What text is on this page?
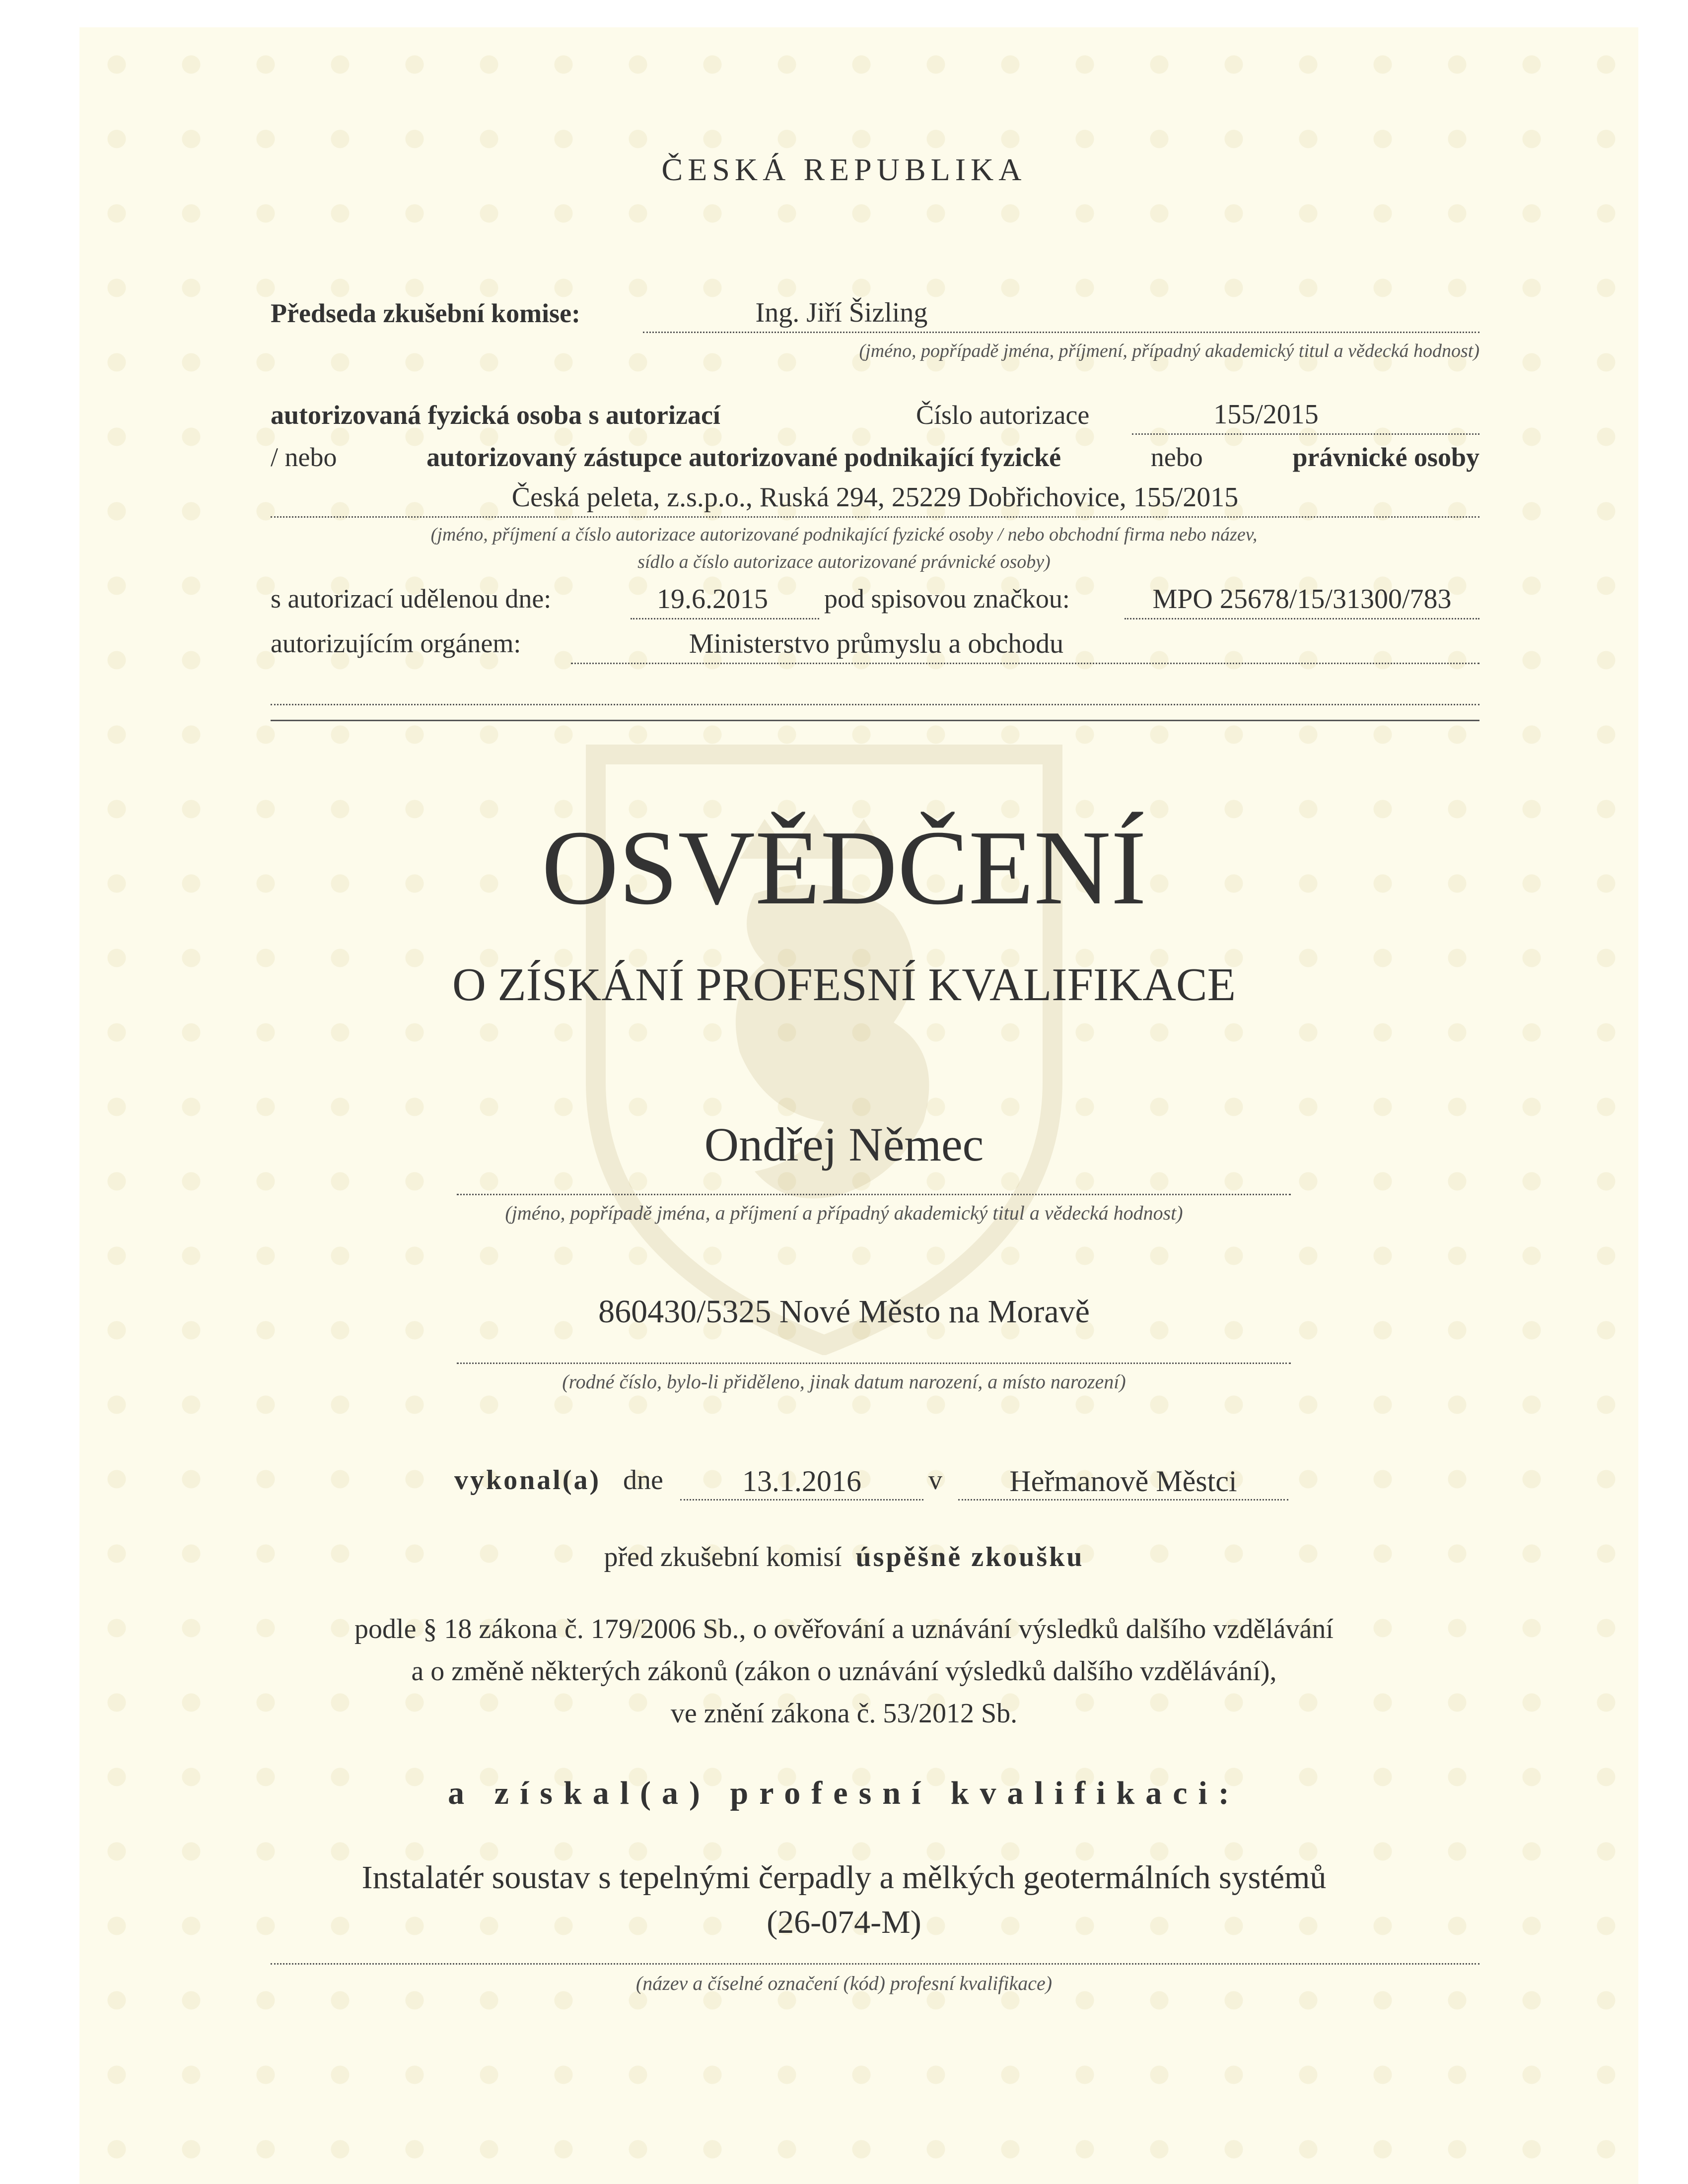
ČESKÁ REPUBLIKA
Předseda zkušební komise:	Ing. Jiří Šizling
(jméno, popřípadě jména, příjmení, případný akademický titul a vědecká hodnost)
autorizovaná fyzická osoba s autorizací	Číslo autorizace	155/2015
/ nebo	autorizovaný zástupce autorizované podnikající fyzické	nebo	právnické osoby
Česká peleta, z.s.p.o., Ruská 294, 25229 Dobřichovice, 155/2015
(jméno, příjmení a číslo autorizace autorizované podnikající fyzické osoby / nebo obchodní firma nebo název,
sídlo a číslo autorizace autorizované právnické osoby)
s autorizací udělenou dne:	19.6.2015	pod spisovou značkou:	MPO 25678/15/31300/783
autorizujícím orgánem:	Ministerstvo průmyslu a obchodu
OSVĚDČENÍ
O ZÍSKÁNÍ PROFESNÍ KVALIFIKACE
Ondřej Němec
(jméno, popřípadě jména, a příjmení a případný akademický titul a vědecká hodnost)
860430/5325 Nové Město na Moravě
(rodné číslo, bylo-li přiděleno, jinak datum narození, a místo narození)
vykonal(a) dne	13.1.2016	v	Heřmanově Městci
před zkušební komisí úspěšně zkoušku
podle § 18 zákona č. 179/2006 Sb., o ověřování a uznávání výsledků dalšího vzdělávání
a o změně některých zákonů (zákon o uznávání výsledků dalšího vzdělávání),
ve znění zákona č. 53/2012 Sb.
a získal(a) profesní kvalifikaci:
Instalatér soustav s tepelnými čerpadly a mělkých geotermálních systémů
(26-074-M)
(název a číselné označení (kód) profesní kvalifikace)
